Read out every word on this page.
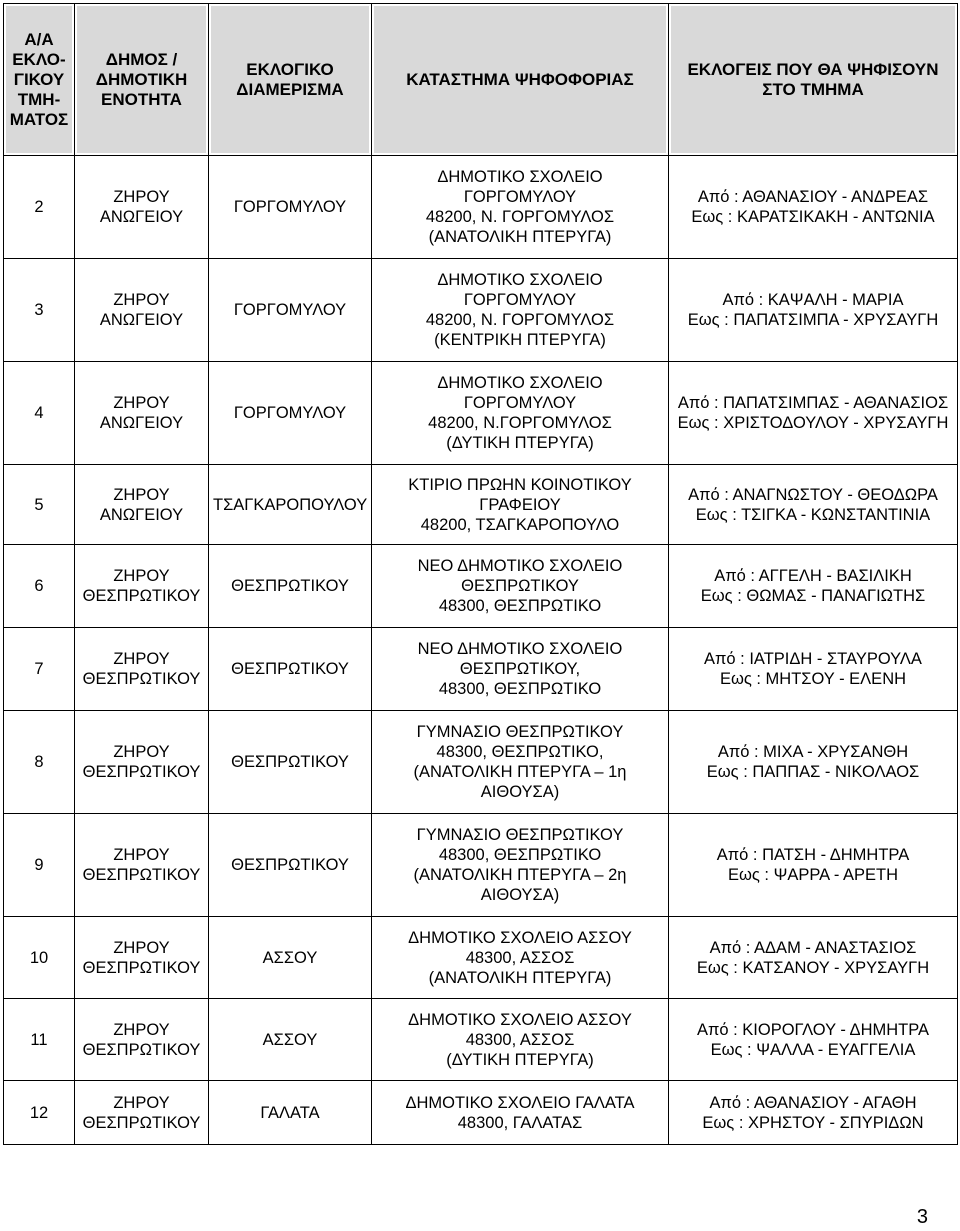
Α/Α
ΕΚΛΟ-
ΓΙΚΟΥ
ΤΜΗ-
ΜΑΤΟΣ	ΔΗΜΟΣ /
ΔΗΜΟΤΙΚΗ
ΕΝΟΤΗΤΑ	ΕΚΛΟΓΙΚΟ
ΔΙΑΜΕΡΙΣΜΑ	ΚΑΤΑΣΤΗΜΑ ΨΗΦΟΦΟΡΙΑΣ	ΕΚΛΟΓΕΙΣ ΠΟΥ ΘΑ ΨΗΦΙΣΟΥΝ
ΣΤΟ ΤΜΗΜΑ

2	ΖΗΡΟΥ
ΑΝΩΓΕΙΟΥ	ΓΟΡΓΟΜΥΛΟΥ	ΔΗΜΟΤΙΚΟ ΣΧΟΛΕΙΟ
ΓΟΡΓΟΜΥΛΟΥ
48200, Ν. ΓΟΡΓΟΜΥΛΟΣ
(ΑΝΑΤΟΛΙΚΗ ΠΤΕΡΥΓΑ)	Από : ΑΘΑΝΑΣΙΟΥ - ΑΝΔΡΕΑΣ
Εως : ΚΑΡΑΤΣΙΚΑΚΗ - ΑΝΤΩΝΙΑ

3	ΖΗΡΟΥ
ΑΝΩΓΕΙΟΥ	ΓΟΡΓΟΜΥΛΟΥ	ΔΗΜΟΤΙΚΟ ΣΧΟΛΕΙΟ
ΓΟΡΓΟΜΥΛΟΥ
48200, Ν. ΓΟΡΓΟΜΥΛΟΣ
(ΚΕΝΤΡΙΚΗ ΠΤΕΡΥΓΑ)	Από : ΚΑΨΑΛΗ - ΜΑΡΙΑ
Εως : ΠΑΠΑΤΣΙΜΠΑ - ΧΡΥΣΑΥΓΗ

4	ΖΗΡΟΥ
ΑΝΩΓΕΙΟΥ	ΓΟΡΓΟΜΥΛΟΥ	ΔΗΜΟΤΙΚΟ ΣΧΟΛΕΙΟ
ΓΟΡΓΟΜΥΛΟΥ
48200, Ν.ΓΟΡΓΟΜΥΛΟΣ
(ΔΥΤΙΚΗ ΠΤΕΡΥΓΑ)	Από : ΠΑΠΑΤΣΙΜΠΑΣ - ΑΘΑΝΑΣΙΟΣ
Εως : ΧΡΙΣΤΟΔΟΥΛΟΥ - ΧΡΥΣΑΥΓΗ

5	ΖΗΡΟΥ
ΑΝΩΓΕΙΟΥ	ΤΣΑΓΚΑΡΟΠΟΥΛΟΥ	ΚΤΙΡΙΟ ΠΡΩΗΝ ΚΟΙΝΟΤΙΚΟΥ
ΓΡΑΦΕΙΟΥ
48200, ΤΣΑΓΚΑΡΟΠΟΥΛΟ	Από : ΑΝΑΓΝΩΣΤΟΥ - ΘΕΟΔΩΡΑ
Εως : ΤΣΙΓΚΑ - ΚΩΝΣΤΑΝΤΙΝΙΑ

6	ΖΗΡΟΥ
ΘΕΣΠΡΩΤΙΚΟΥ	ΘΕΣΠΡΩΤΙΚΟΥ	ΝΕΟ ΔΗΜΟΤΙΚΟ ΣΧΟΛΕΙΟ
ΘΕΣΠΡΩΤΙΚΟΥ
48300, ΘΕΣΠΡΩΤΙΚΟ	Από : ΑΓΓΕΛΗ - ΒΑΣΙΛΙΚΗ
Εως : ΘΩΜΑΣ - ΠΑΝΑΓΙΩΤΗΣ

7	ΖΗΡΟΥ
ΘΕΣΠΡΩΤΙΚΟΥ	ΘΕΣΠΡΩΤΙΚΟΥ	ΝΕΟ ΔΗΜΟΤΙΚΟ ΣΧΟΛΕΙΟ
ΘΕΣΠΡΩΤΙΚΟΥ,
48300, ΘΕΣΠΡΩΤΙΚΟ	Από : ΙΑΤΡΙΔΗ - ΣΤΑΥΡΟΥΛΑ
Εως : ΜΗΤΣΟΥ - ΕΛΕΝΗ

8	ΖΗΡΟΥ
ΘΕΣΠΡΩΤΙΚΟΥ	ΘΕΣΠΡΩΤΙΚΟΥ	ΓΥΜΝΑΣΙΟ ΘΕΣΠΡΩΤΙΚΟΥ
48300, ΘΕΣΠΡΩΤΙΚΟ,
(ΑΝΑΤΟΛΙΚΗ ΠΤΕΡΥΓΑ – 1η
ΑΙΘΟΥΣΑ)	Από : ΜΙΧΑ - ΧΡΥΣΑΝΘΗ
Εως : ΠΑΠΠΑΣ - ΝΙΚΟΛΑΟΣ

9	ΖΗΡΟΥ
ΘΕΣΠΡΩΤΙΚΟΥ	ΘΕΣΠΡΩΤΙΚΟΥ	ΓΥΜΝΑΣΙΟ ΘΕΣΠΡΩΤΙΚΟΥ
48300, ΘΕΣΠΡΩΤΙΚΟ
(ΑΝΑΤΟΛΙΚΗ ΠΤΕΡΥΓΑ – 2η
ΑΙΘΟΥΣΑ)	Από : ΠΑΤΣΗ - ΔΗΜΗΤΡΑ
Εως : ΨΑΡΡΑ - ΑΡΕΤΗ

10	ΖΗΡΟΥ
ΘΕΣΠΡΩΤΙΚΟΥ	ΑΣΣΟΥ	ΔΗΜΟΤΙΚΟ ΣΧΟΛΕΙΟ ΑΣΣΟΥ
48300, ΑΣΣΟΣ
(ΑΝΑΤΟΛΙΚΗ ΠΤΕΡΥΓΑ)	Από : ΑΔΑΜ - ΑΝΑΣΤΑΣΙΟΣ
Εως : ΚΑΤΣΑΝΟΥ - ΧΡΥΣΑΥΓΗ

11	ΖΗΡΟΥ
ΘΕΣΠΡΩΤΙΚΟΥ	ΑΣΣΟΥ	ΔΗΜΟΤΙΚΟ ΣΧΟΛΕΙΟ ΑΣΣΟΥ
48300, ΑΣΣΟΣ
(ΔΥΤΙΚΗ ΠΤΕΡΥΓΑ)	Από : ΚΙΟΡΟΓΛΟΥ - ΔΗΜΗΤΡΑ
Εως : ΨΑΛΛΑ - ΕΥΑΓΓΕΛΙΑ

12	ΖΗΡΟΥ
ΘΕΣΠΡΩΤΙΚΟΥ	ΓΑΛΑΤΑ	ΔΗΜΟΤΙΚΟ ΣΧΟΛΕΙΟ ΓΑΛΑΤΑ
48300, ΓΑΛΑΤΑΣ	Από : ΑΘΑΝΑΣΙΟΥ - ΑΓΑΘΗ
Εως : ΧΡΗΣΤΟΥ - ΣΠΥΡΙΔΩΝ
3
